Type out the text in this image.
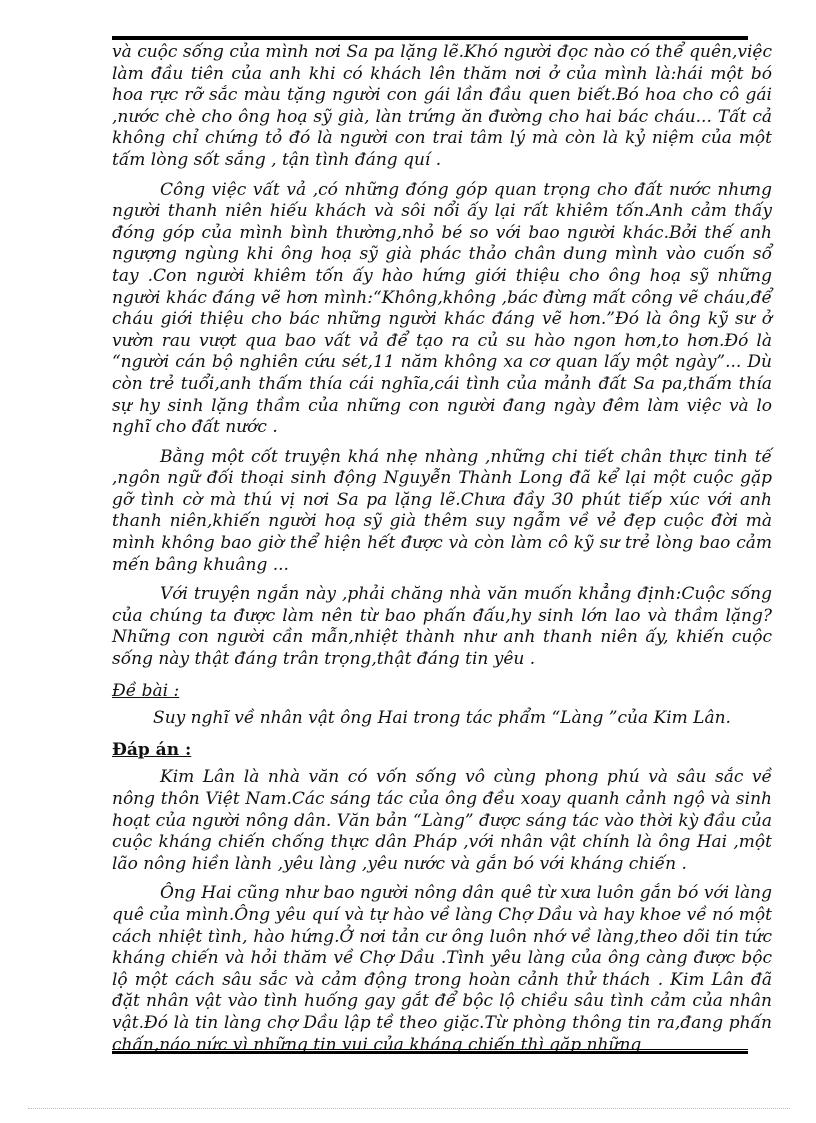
và cuộc sống của mình nơi Sa pa lặng lẽ.Khó người đọc nào có thể quên,việc làm đầu tiên của anh khi có khách lên thăm nơi ở của mình là:hái một bó hoa rực rỡ sắc màu tặng người con gái lần đầu quen biết.Bó hoa cho cô gái ,nước chè cho ông hoạ sỹ già, làn trứng ăn đường cho hai bác cháu... Tất cả không chỉ chứng tỏ đó là người con trai tâm lý mà còn là kỷ niệm của một tấm lòng sốt sắng , tận tình đáng quí .

Công việc vất vả ,có những đóng góp quan trọng cho đất nước nhưng người thanh niên hiếu khách và sôi nổi ấy lại rất khiêm tốn.Anh cảm thấy đóng góp của mình bình thường,nhỏ bé so với bao người khác.Bởi thế anh ngượng ngùng khi ông hoạ sỹ già phác thảo chân dung mình vào cuốn sổ tay .Con người khiêm tốn ấy hào hứng giới thiệu cho ông hoạ sỹ những người khác đáng vẽ hơn mình:“Không,không ,bác đừng mất công vẽ cháu,để cháu giới thiệu cho bác những người khác đáng vẽ hơn.”Đó là ông kỹ sư ở vườn rau vượt qua bao vất vả để tạo ra củ su hào ngon hơn,to hơn.Đó là “người cán bộ nghiên cứu sét,11 năm không xa cơ quan lấy một ngày”... Dù còn trẻ tuổi,anh thấm thía cái nghĩa,cái tình của mảnh đất Sa pa,thấm thía sự hy sinh lặng thầm của những con người đang ngày đêm làm việc và lo nghĩ cho đất nước .

Bằng một cốt truyện khá nhẹ nhàng ,những chi tiết chân thực tinh tế ,ngôn ngữ đối thoại sinh động Nguyễn Thành Long đã kể lại một cuộc gặp gỡ tình cờ mà thú vị nơi Sa pa lặng lẽ.Chưa đầy 30 phút tiếp xúc với anh thanh niên,khiến người hoạ sỹ già thêm suy ngẫm về vẻ đẹp cuộc đời mà mình không bao giờ thể hiện hết được và còn làm cô kỹ sư trẻ lòng bao cảm mến bâng khuâng ...

Với truyện ngắn này ,phải chăng nhà văn muốn khẳng định:Cuộc sống của chúng ta được làm nên từ bao phấn đấu,hy sinh lớn lao và thầm lặng?Những con người cần mẫn,nhiệt thành như anh thanh niên ấy, khiến cuộc sống này thật đáng trân trọng,thật đáng tin yêu .

Đề bài :
Suy nghĩ về nhân vật ông Hai trong tác phẩm “Làng ”của Kim Lân.
Đáp án :

Kim Lân là nhà văn có vốn sống vô cùng phong phú và sâu sắc về nông thôn Việt Nam.Các sáng tác của ông đều xoay quanh cảnh ngộ và sinh hoạt của người nông dân. Văn bản “Làng” được sáng tác vào thời kỳ đầu của cuộc kháng chiến chống thực dân Pháp ,với nhân vật chính là ông Hai ,một lão nông hiền lành ,yêu làng ,yêu nước và gắn bó với kháng chiến .

Ông Hai cũng như bao người nông dân quê từ xưa luôn gắn bó với làng quê của mình.Ông yêu quí và tự hào về làng Chợ Dầu và hay khoe về nó một cách nhiệt tình, hào hứng.Ở nơi tản cư ông luôn nhớ về làng,theo dõi tin tức kháng chiến và hỏi thăm về Chợ Dầu .Tình yêu làng của ông càng được bộc lộ một cách sâu sắc và cảm động trong hoàn cảnh thử thách . Kim Lân đã đặt nhân vật vào tình huống gay gắt để bộc lộ chiều sâu tình cảm của nhân vật.Đó là tin làng chợ Dầu lập tề theo giặc.Từ phòng thông tin ra,đang phấn chấn,náo nức vì những tin vui của kháng chiến thì gặp những
